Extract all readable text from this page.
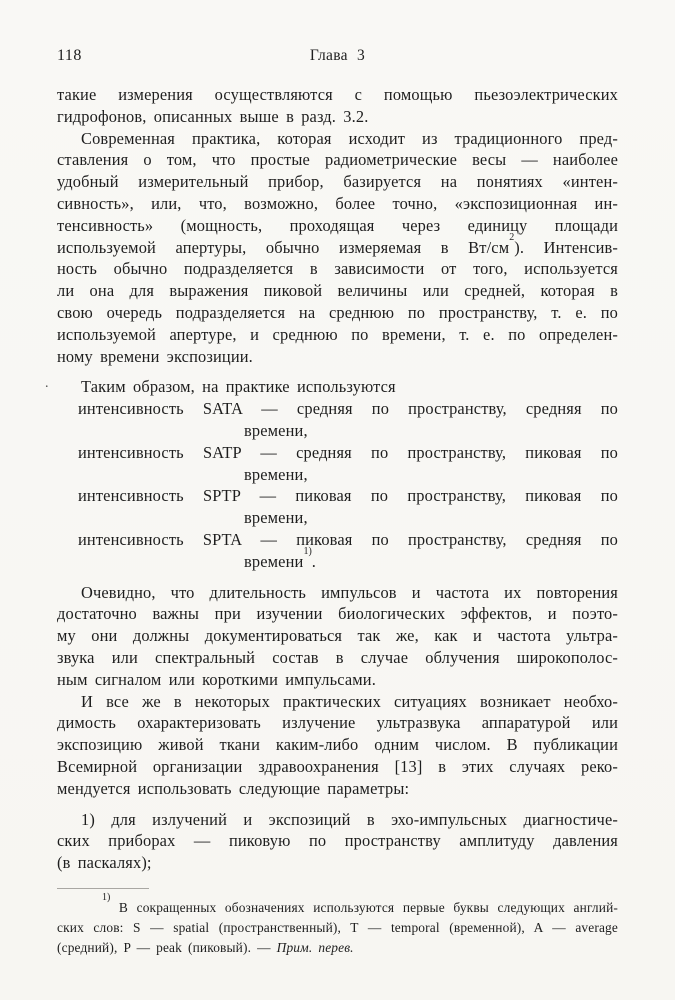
118	Глава 3
.
такие измерения осуществляются с помощью пьезоэлектрических
гидрофонов, описанных выше в разд. 3.2.
Современная практика, которая исходит из традиционного пред-
ставления о том, что простые радиометрические весы — наиболее
удобный измерительный прибор, базируется на понятиях «интен-
сивность», или, что, возможно, более точно, «экспозиционная ин-
тенсивность» (мощность, проходящая через единицу площади
используемой апертуры, обычно измеряемая в $Вт/см^2$). Интенсив-
ность обычно подразделяется в зависимости от того, используется
ли она для выражения пиковой величины или средней, которая в
свою очередь подразделяется на среднюю по пространству, т. е. по
используемой апертуре, и среднюю по времени, т. е. по определен-
ному времени экспозиции.
Таким образом, на практике используются
интенсивность SATA — средняя по пространству, средняя по
времени,
интенсивность SATP — средняя по пространству, пиковая по
времени,
интенсивность SPTP — пиковая по пространству, пиковая по
времени,
интенсивность SPTA — пиковая по пространству, средняя по
времени$^{1)}$.
Очевидно, что длительность импульсов и частота их повторения
достаточно важны при изучении биологических эффектов, и поэто-
му они должны документироваться так же, как и частота ультра-
звука или спектральный состав в случае облучения широкополос-
ным сигналом или короткими импульсами.
И все же в некоторых практических ситуациях возникает необхо-
димость охарактеризовать излучение ультразвука аппаратурой или
экспозицию живой ткани каким-либо одним числом. В публикации
Всемирной организации здравоохранения [13] в этих случаях реко-
мендуется использовать следующие параметры:
1) для излучений и экспозиций в эхо-импульсных диагностиче-
ских приборах — пиковую по пространству амплитуду давления
(в паскалях);
$^{1)}$ В сокращенных обозначениях используются первые буквы следующих англий-
ских слов: S — spatial (пространственный), T — temporal (временной), A — average
(средний), P — peak (пиковый). — Прим. перев.
